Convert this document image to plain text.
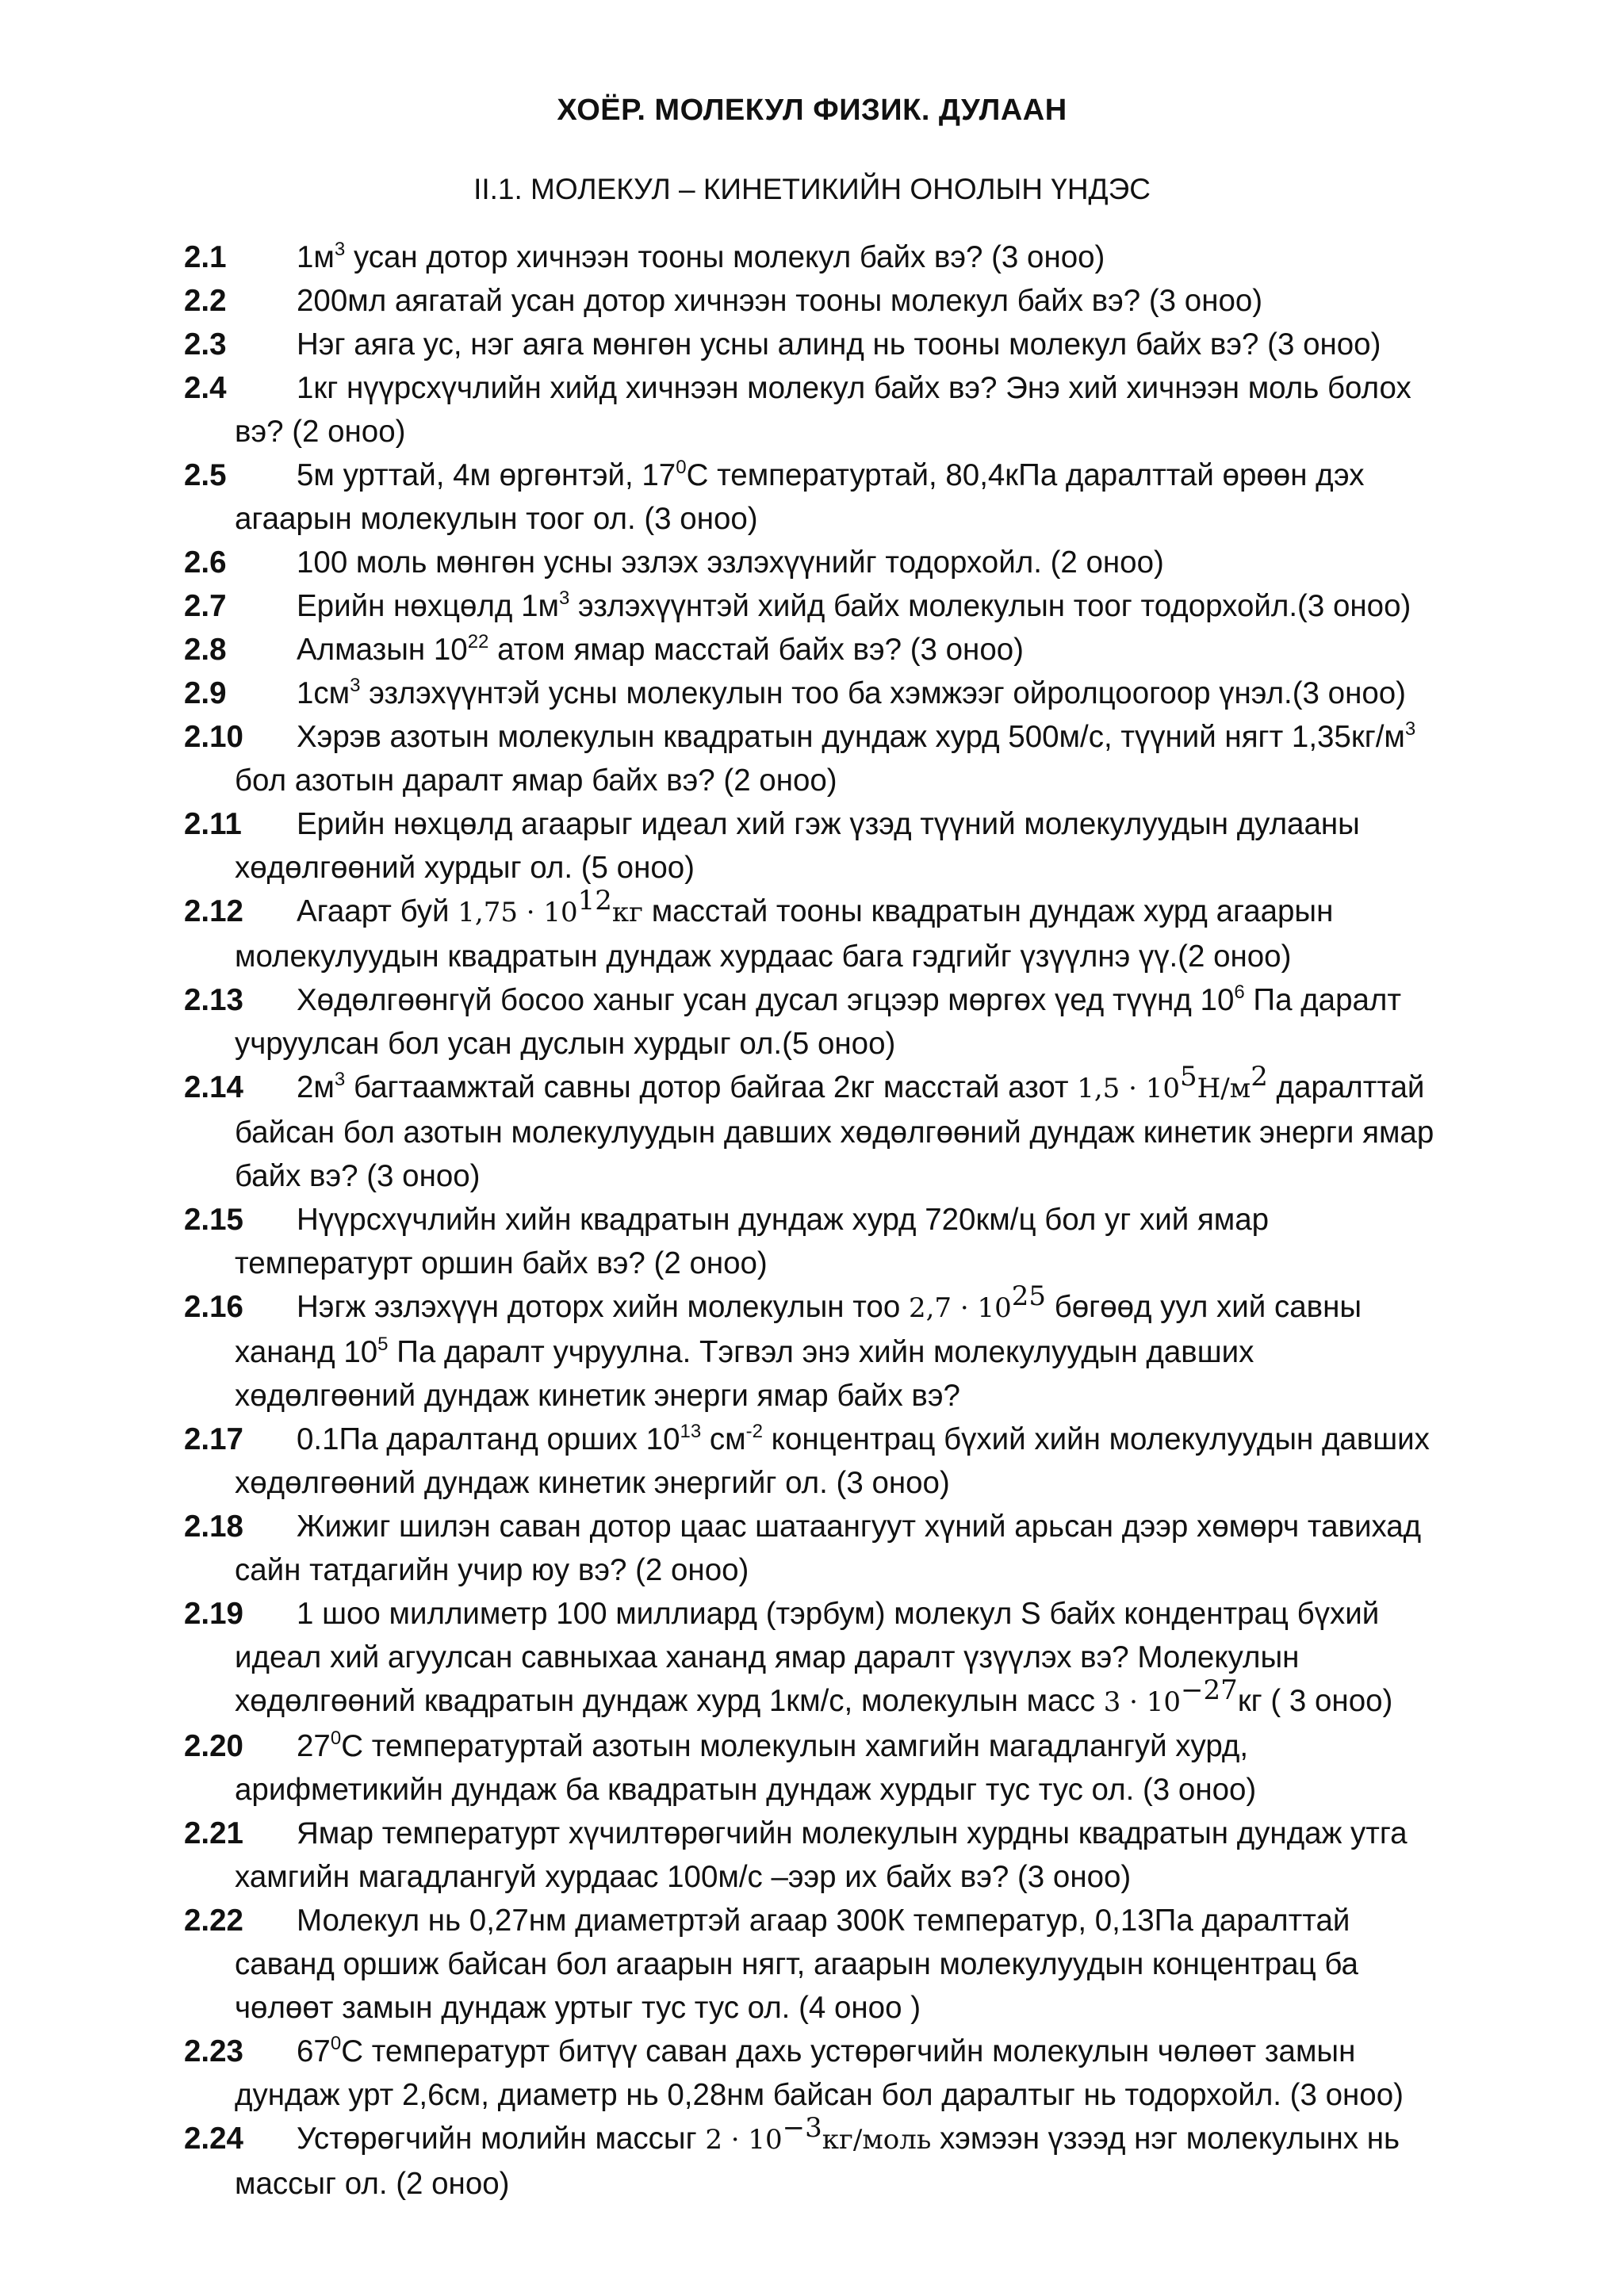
ХОЁР. МОЛЕКУЛ ФИЗИК. ДУЛААН
II.1. МОЛЕКУЛ – КИНЕТИКИЙН ОНОЛЫН ҮНДЭС
2.1 $1м^3$ усан дотор хичнээн тооны молекул байх вэ? (3 оноо)
2.2 200мл аягатай усан дотор хичнээн тооны молекул байх вэ? (3 оноо)
2.3 Нэг аяга ус, нэг аяга мөнгөн усны алинд нь тооны молекул байх вэ? (3 оноо)
2.4 1кг нүүрсхүчлийн хийд хичнээн молекул байх вэ? Энэ хий хичнээн моль болох
вэ? (2 оноо)
2.5 5м урттай, 4м өргөнтэй, $17^0С$ температуртай, 80,4кПа даралттай өрөөн дэх
агаарын молекулын тоог ол. (3 оноо)
2.6 100 моль мөнгөн усны эзлэх эзлэхүүнийг тодорхойл. (2 оноо)
2.7 Ерийн нөхцөлд $1м^3$ эзлэхүүнтэй хийд байх молекулын тоог тодорхойл.(3 оноо)
2.8 Алмазын $10^{22}$ атом ямар масстай байх вэ? (3 оноо)
2.9 $1см^3$ эзлэхүүнтэй усны молекулын тоо ба хэмжээг ойролцоогоор үнэл.(3 оноо)
2.10 Хэрэв азотын молекулын квадратын дундаж хурд 500м/с, түүний нягт $1,35кг/м^3$
бол азотын даралт ямар байх вэ? (2 оноо)
2.11 Ерийн нөхцөлд агаарыг идеал хий гэж үзэд түүний молекулуудын дулааны
хөдөлгөөний хурдыг ол. (5 оноо)
2.12 Агаарт буй $1,75 \cdot 10^{12}кг$ масстай тооны квадратын дундаж хурд агаарын
молекулуудын квадратын дундаж хурдаас бага гэдгийг үзүүлнэ үү.(2 оноо)
2.13 Хөдөлгөөнгүй босоо ханыг усан дусал эгцээр мөргөх үед түүнд $10^6$ Па даралт
учруулсан бол усан дуслын хурдыг ол.(5 оноо)
2.14 $2м^3$ багтаамжтай савны дотор байгаа 2кг масстай азот $1,5 \cdot 10^5Н/м^2$ даралттай
байсан бол азотын молекулуудын давших хөдөлгөөний дундаж кинетик энерги ямар
байх вэ? (3 оноо)
2.15 Нүүрсхүчлийн хийн квадратын дундаж хурд 720км/ц бол уг хий ямар
температурт оршин байх вэ? (2 оноо)
2.16 Нэгж эзлэхүүн доторх хийн молекулын тоо $2,7 \cdot 10^{25}$ бөгөөд уул хий савны
хананд $10^5$ Па даралт учруулна. Тэгвэл энэ хийн молекулуудын давших
хөдөлгөөний дундаж кинетик энерги ямар байх вэ?
2.17 0.1Па даралтанд орших $10^{13}$ $см^{-2}$ концентрац бүхий хийн молекулуудын давших
хөдөлгөөний дундаж кинетик энергийг ол. (3 оноо)
2.18 Жижиг шилэн саван дотор цаас шатаангуут хүний арьсан дээр хөмөрч тавихад
сайн татдагийн учир юу вэ? (2 оноо)
2.19 1 шоо миллиметр 100 миллиард (тэрбум) молекул S байх кондентрац бүхий
идеал хий агуулсан савныхаа хананд ямар даралт үзүүлэх вэ? Молекулын
хөдөлгөөний квадратын дундаж хурд 1км/с, молекулын масс $3 \cdot 10^{-27}кг$ ( 3 оноо)
2.20 $27^0С$ температуртай азотын молекулын хамгийн магадлангуй хурд,
арифметикийн дундаж ба квадратын дундаж хурдыг тус тус ол. (3 оноо)
2.21 Ямар температурт хүчилтөрөгчийн молекулын хурдны квадратын дундаж утга
хамгийн магадлангуй хурдаас 100м/с –ээр их байх вэ? (3 оноо)
2.22 Молекул нь 0,27нм диаметртэй агаар 300К температур, 0,13Па даралттай
саванд оршиж байсан бол агаарын нягт, агаарын молекулуудын концентрац ба
чөлөөт замын дундаж уртыг тус тус ол. (4 оноо )
2.23 $67^0С$ температурт битүү саван дахь устөрөгчийн молекулын чөлөөт замын
дундаж урт 2,6см, диаметр нь 0,28нм байсан бол даралтыг нь тодорхойл. (3 оноо)
2.24 Устөрөгчийн молийн массыг $2 \cdot 10^{-3}кг$/моль хэмээн үзээд нэг молекулынх нь
массыг ол. (2 оноо)
